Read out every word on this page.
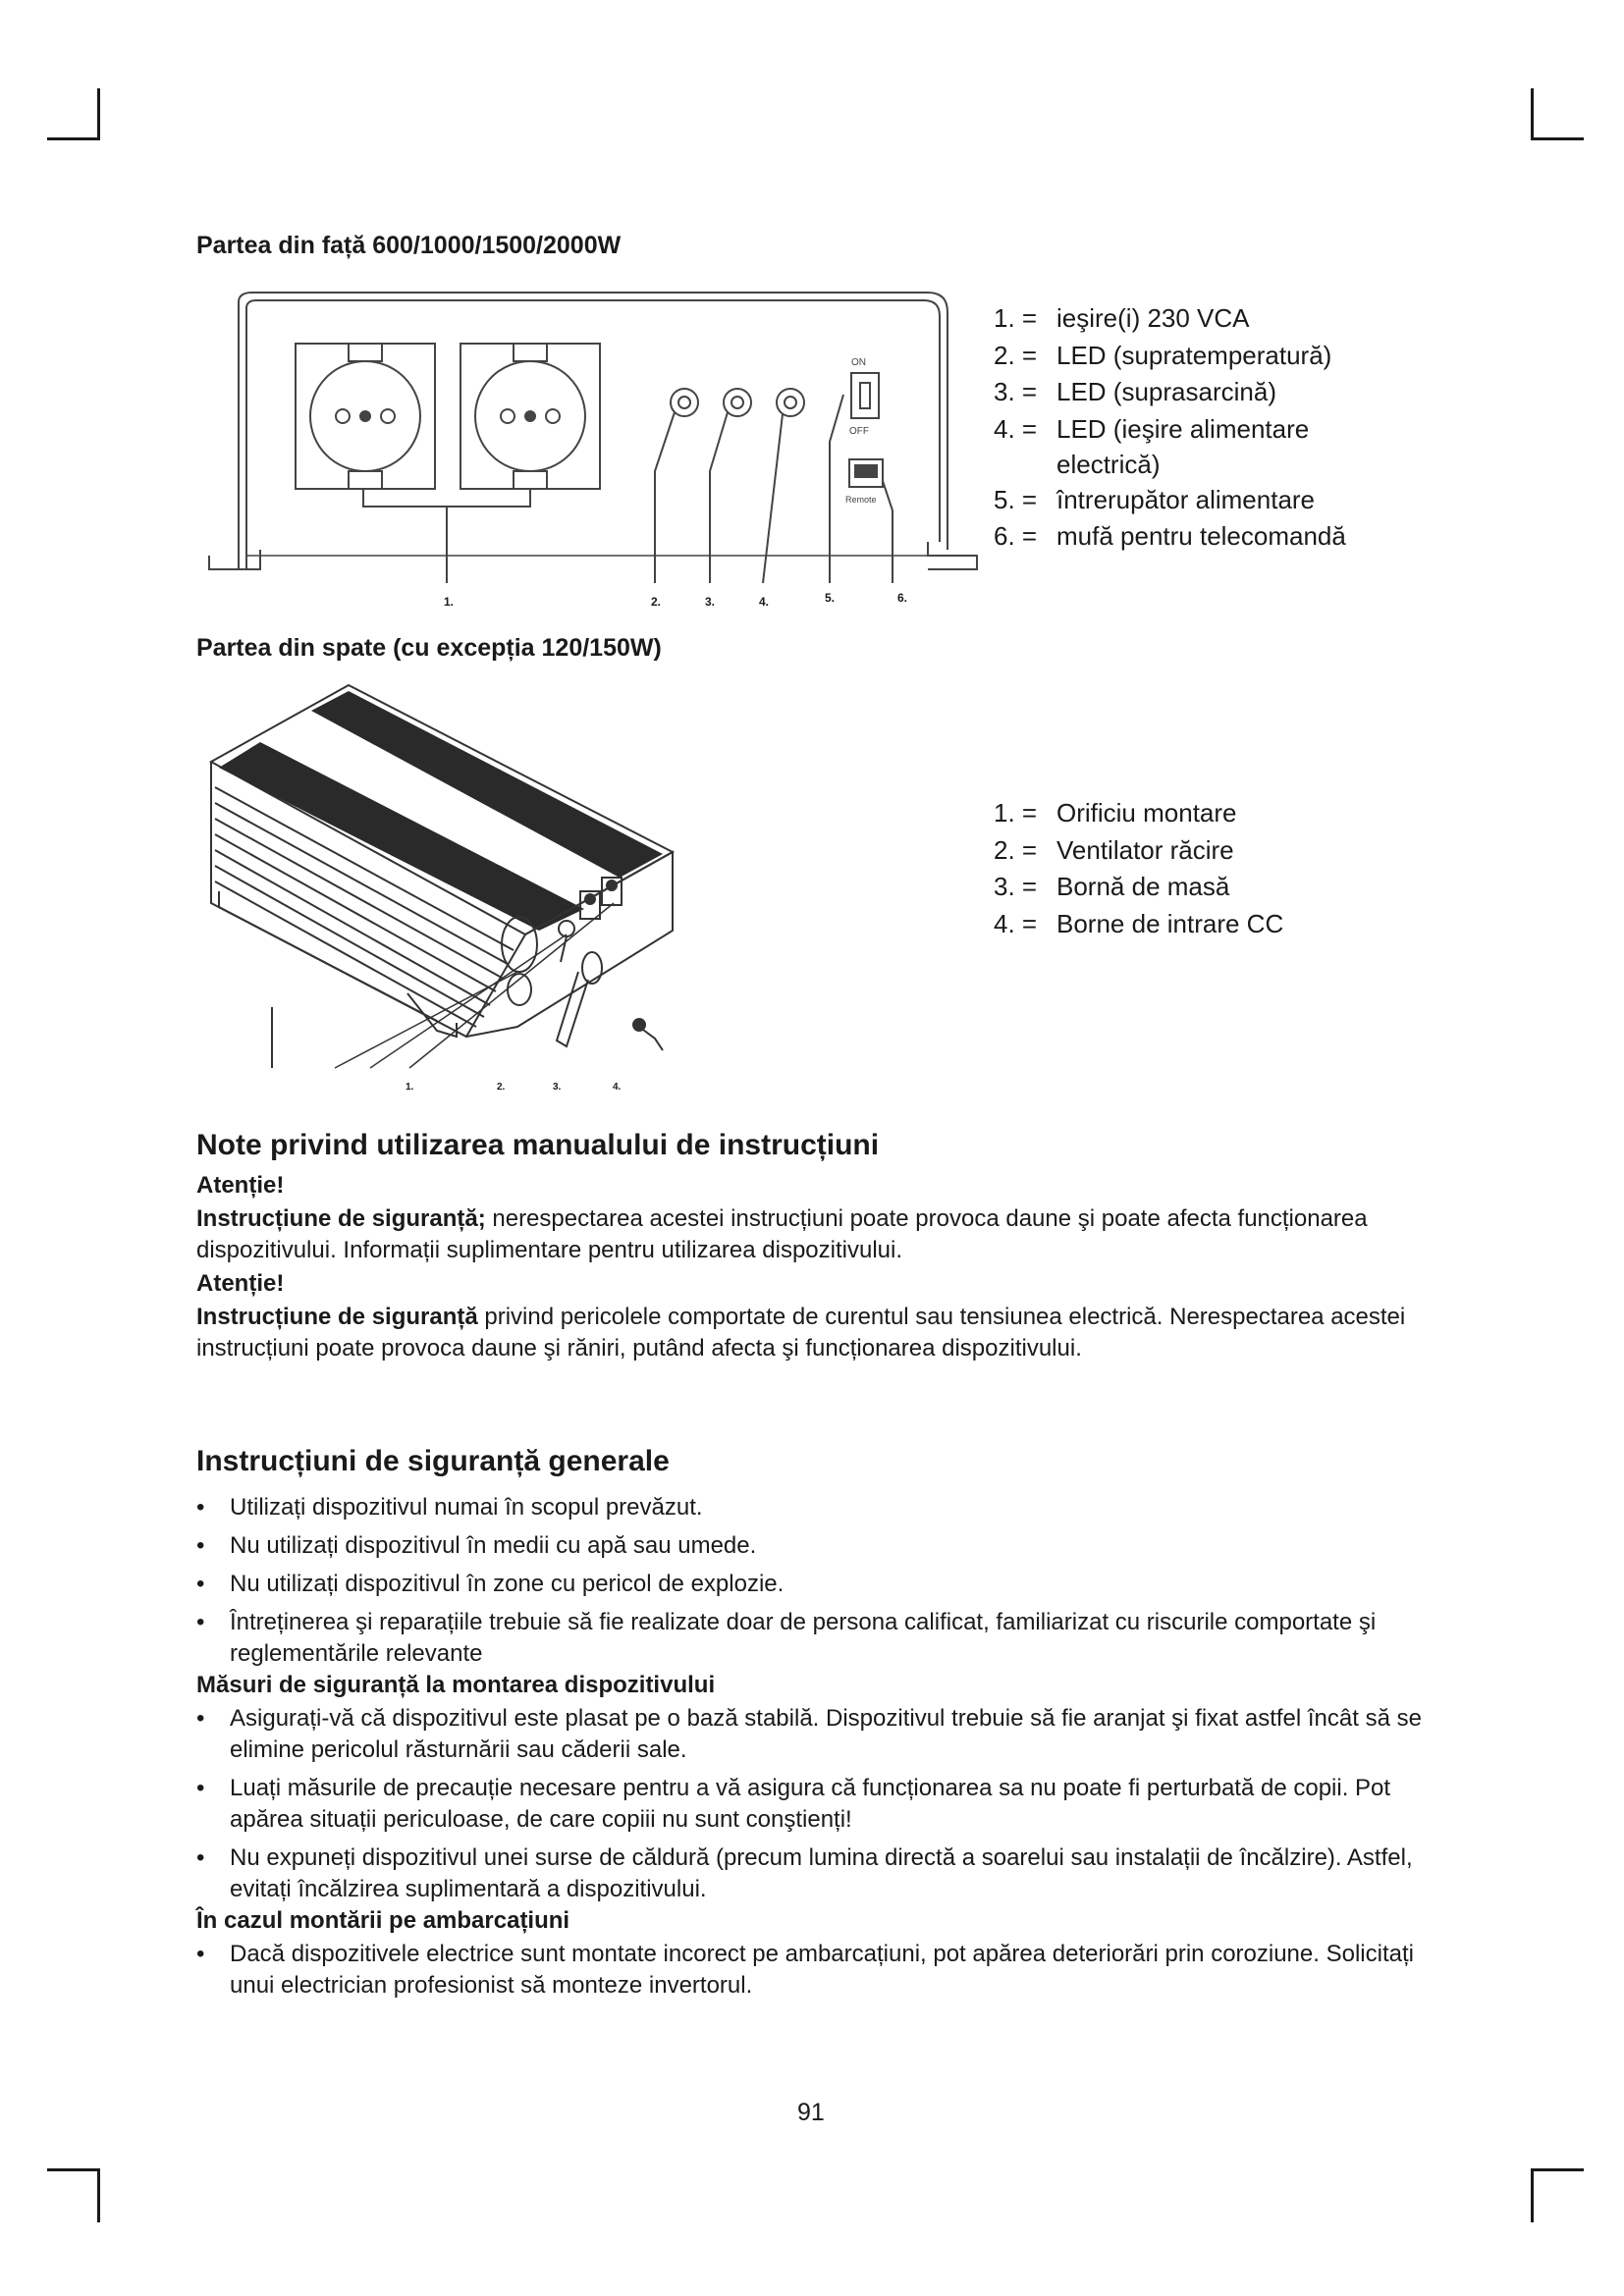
Partea din față 600/1000/1500/2000W
ON
OFF
Remote
1.	2.	3.	4.	5.	6.
1. = ieşire(i) 230 VCA
2. = LED (supratemperatură)
3. = LED (suprasarcină)
4. = LED (ieşire alimentare electrică)
5. = întrerupător alimentare
6. = mufă pentru telecomandă
Partea din spate (cu excepția 120/150W)
1.	2.	3.	4.
1. = Orificiu montare
2. = Ventilator răcire
3. = Bornă de masă
4. = Borne de intrare CC
Note privind utilizarea manualului de instrucțiuni
Atenție!
Instrucțiune de siguranță; nerespectarea acestei instrucțiuni poate provoca daune şi poate afecta funcționarea dispozitivului. Informații suplimentare pentru utilizarea dispozitivului.
Atenție!
Instrucțiune de siguranță privind pericolele comportate de curentul sau tensiunea electrică. Nerespectarea acestei instrucțiuni poate provoca daune şi răniri, putând afecta şi funcționarea dispozitivului.
Instrucțiuni de siguranță generale
• Utilizați dispozitivul numai în scopul prevăzut.
• Nu utilizați dispozitivul în medii cu apă sau umede.
• Nu utilizați dispozitivul în zone cu pericol de explozie.
• Întreținerea şi reparațiile trebuie să fie realizate doar de persona calificat, familiarizat cu riscurile comportate şi reglementările relevante
Măsuri de siguranță la montarea dispozitivului
• Asigurați-vă că dispozitivul este plasat pe o bază stabilă. Dispozitivul trebuie să fie aranjat şi fixat astfel încât să se elimine pericolul răsturnării sau căderii sale.
• Luați măsurile de precauție necesare pentru a vă asigura că funcționarea sa nu poate fi perturbată de copii. Pot apărea situații periculoase, de care copiii nu sunt conştienți!
• Nu expuneți dispozitivul unei surse de căldură (precum lumina directă a soarelui sau instalații de încălzire). Astfel, evitați încălzirea suplimentară a dispozitivului.
În cazul montării pe ambarcațiuni
• Dacă dispozitivele electrice sunt montate incorect pe ambarcațiuni, pot apărea deteriorări prin coroziune. Solicitați unui electrician profesionist să monteze invertorul.
91
